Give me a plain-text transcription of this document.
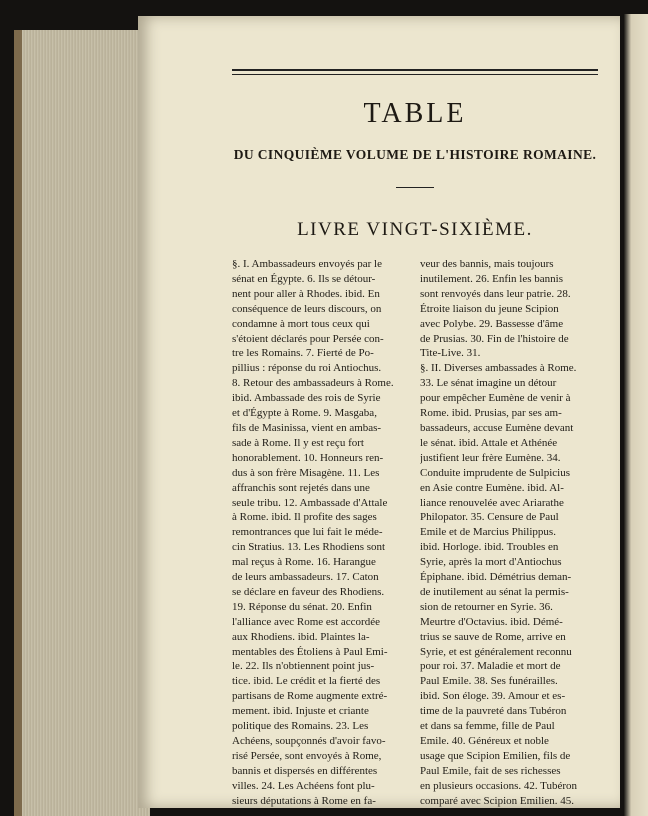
TABLE
DU CINQUIÈME VOLUME DE L'HISTOIRE ROMAINE.
LIVRE VINGT-SIXIÈME.
§. I. Ambassadeurs envoyés par le
sénat en Égypte. 6. Ils se détour-
nent pour aller à Rhodes. ibid. En
conséquence de leurs discours, on
condamne à mort tous ceux qui
s'étoient déclarés pour Persée con-
tre les Romains. 7. Fierté de Po-
pillius : réponse du roi Antiochus.
8. Retour des ambassadeurs à Rome.
ibid. Ambassade des rois de Syrie
et d'Égypte à Rome. 9. Masgaba,
fils de Masinissa, vient en ambas-
sade à Rome. Il y est reçu fort
honorablement. 10. Honneurs ren-
dus à son frère Misagène. 11. Les
affranchis sont rejetés dans une
seule tribu. 12. Ambassade d'Attale
à Rome. ibid. Il profite des sages
remontrances que lui fait le méde-
cin Stratius. 13. Les Rhodiens sont
mal reçus à Rome. 16. Harangue
de leurs ambassadeurs. 17. Caton
se déclare en faveur des Rhodiens.
19. Réponse du sénat. 20. Enfin
l'alliance avec Rome est accordée
aux Rhodiens. ibid. Plaintes la-
mentables des Étoliens à Paul Emi-
le. 22. Ils n'obtiennent point jus-
tice. ibid. Le crédit et la fierté des
partisans de Rome augmente extré-
mement. ibid. Injuste et criante
politique des Romains. 23. Les
Achéens, soupçonnés d'avoir favo-
risé Persée, sont envoyés à Rome,
bannis et dispersés en différentes
villes. 24. Les Achéens font plu-
sieurs députations à Rome en fa-
veur des bannis, mais toujours
inutilement. 26. Enfin les bannis
sont renvoyés dans leur patrie. 28.
Étroite liaison du jeune Scipion
avec Polybe. 29. Bassesse d'âme
de Prusias. 30. Fin de l'histoire de
Tite-Live. 31.
§. II. Diverses ambassades à Rome.
33. Le sénat imagine un détour
pour empêcher Eumène de venir à
Rome. ibid. Prusias, par ses am-
bassadeurs, accuse Eumène devant
le sénat. ibid. Attale et Athénée
justifient leur frère Eumène. 34.
Conduite imprudente de Sulpicius
en Asie contre Eumène. ibid. Al-
liance renouvelée avec Ariarathe
Philopator. 35. Censure de Paul
Emile et de Marcius Philippus.
ibid. Horloge. ibid. Troubles en
Syrie, après la mort d'Antiochus
Épiphane. ibid. Démétrius deman-
de inutilement au sénat la permis-
sion de retourner en Syrie. 36.
Meurtre d'Octavius. ibid. Démé-
trius se sauve de Rome, arrive en
Syrie, et est généralement reconnu
pour roi. 37. Maladie et mort de
Paul Emile. 38. Ses funérailles.
ibid. Son éloge. 39. Amour et es-
time de la pauvreté dans Tubéron
et dans sa femme, fille de Paul
Emile. 40. Généreux et noble
usage que Scipion Emilien, fils de
Paul Emile, fait de ses richesses
en plusieurs occasions. 42. Tubéron
comparé avec Scipion Emilien. 45.
